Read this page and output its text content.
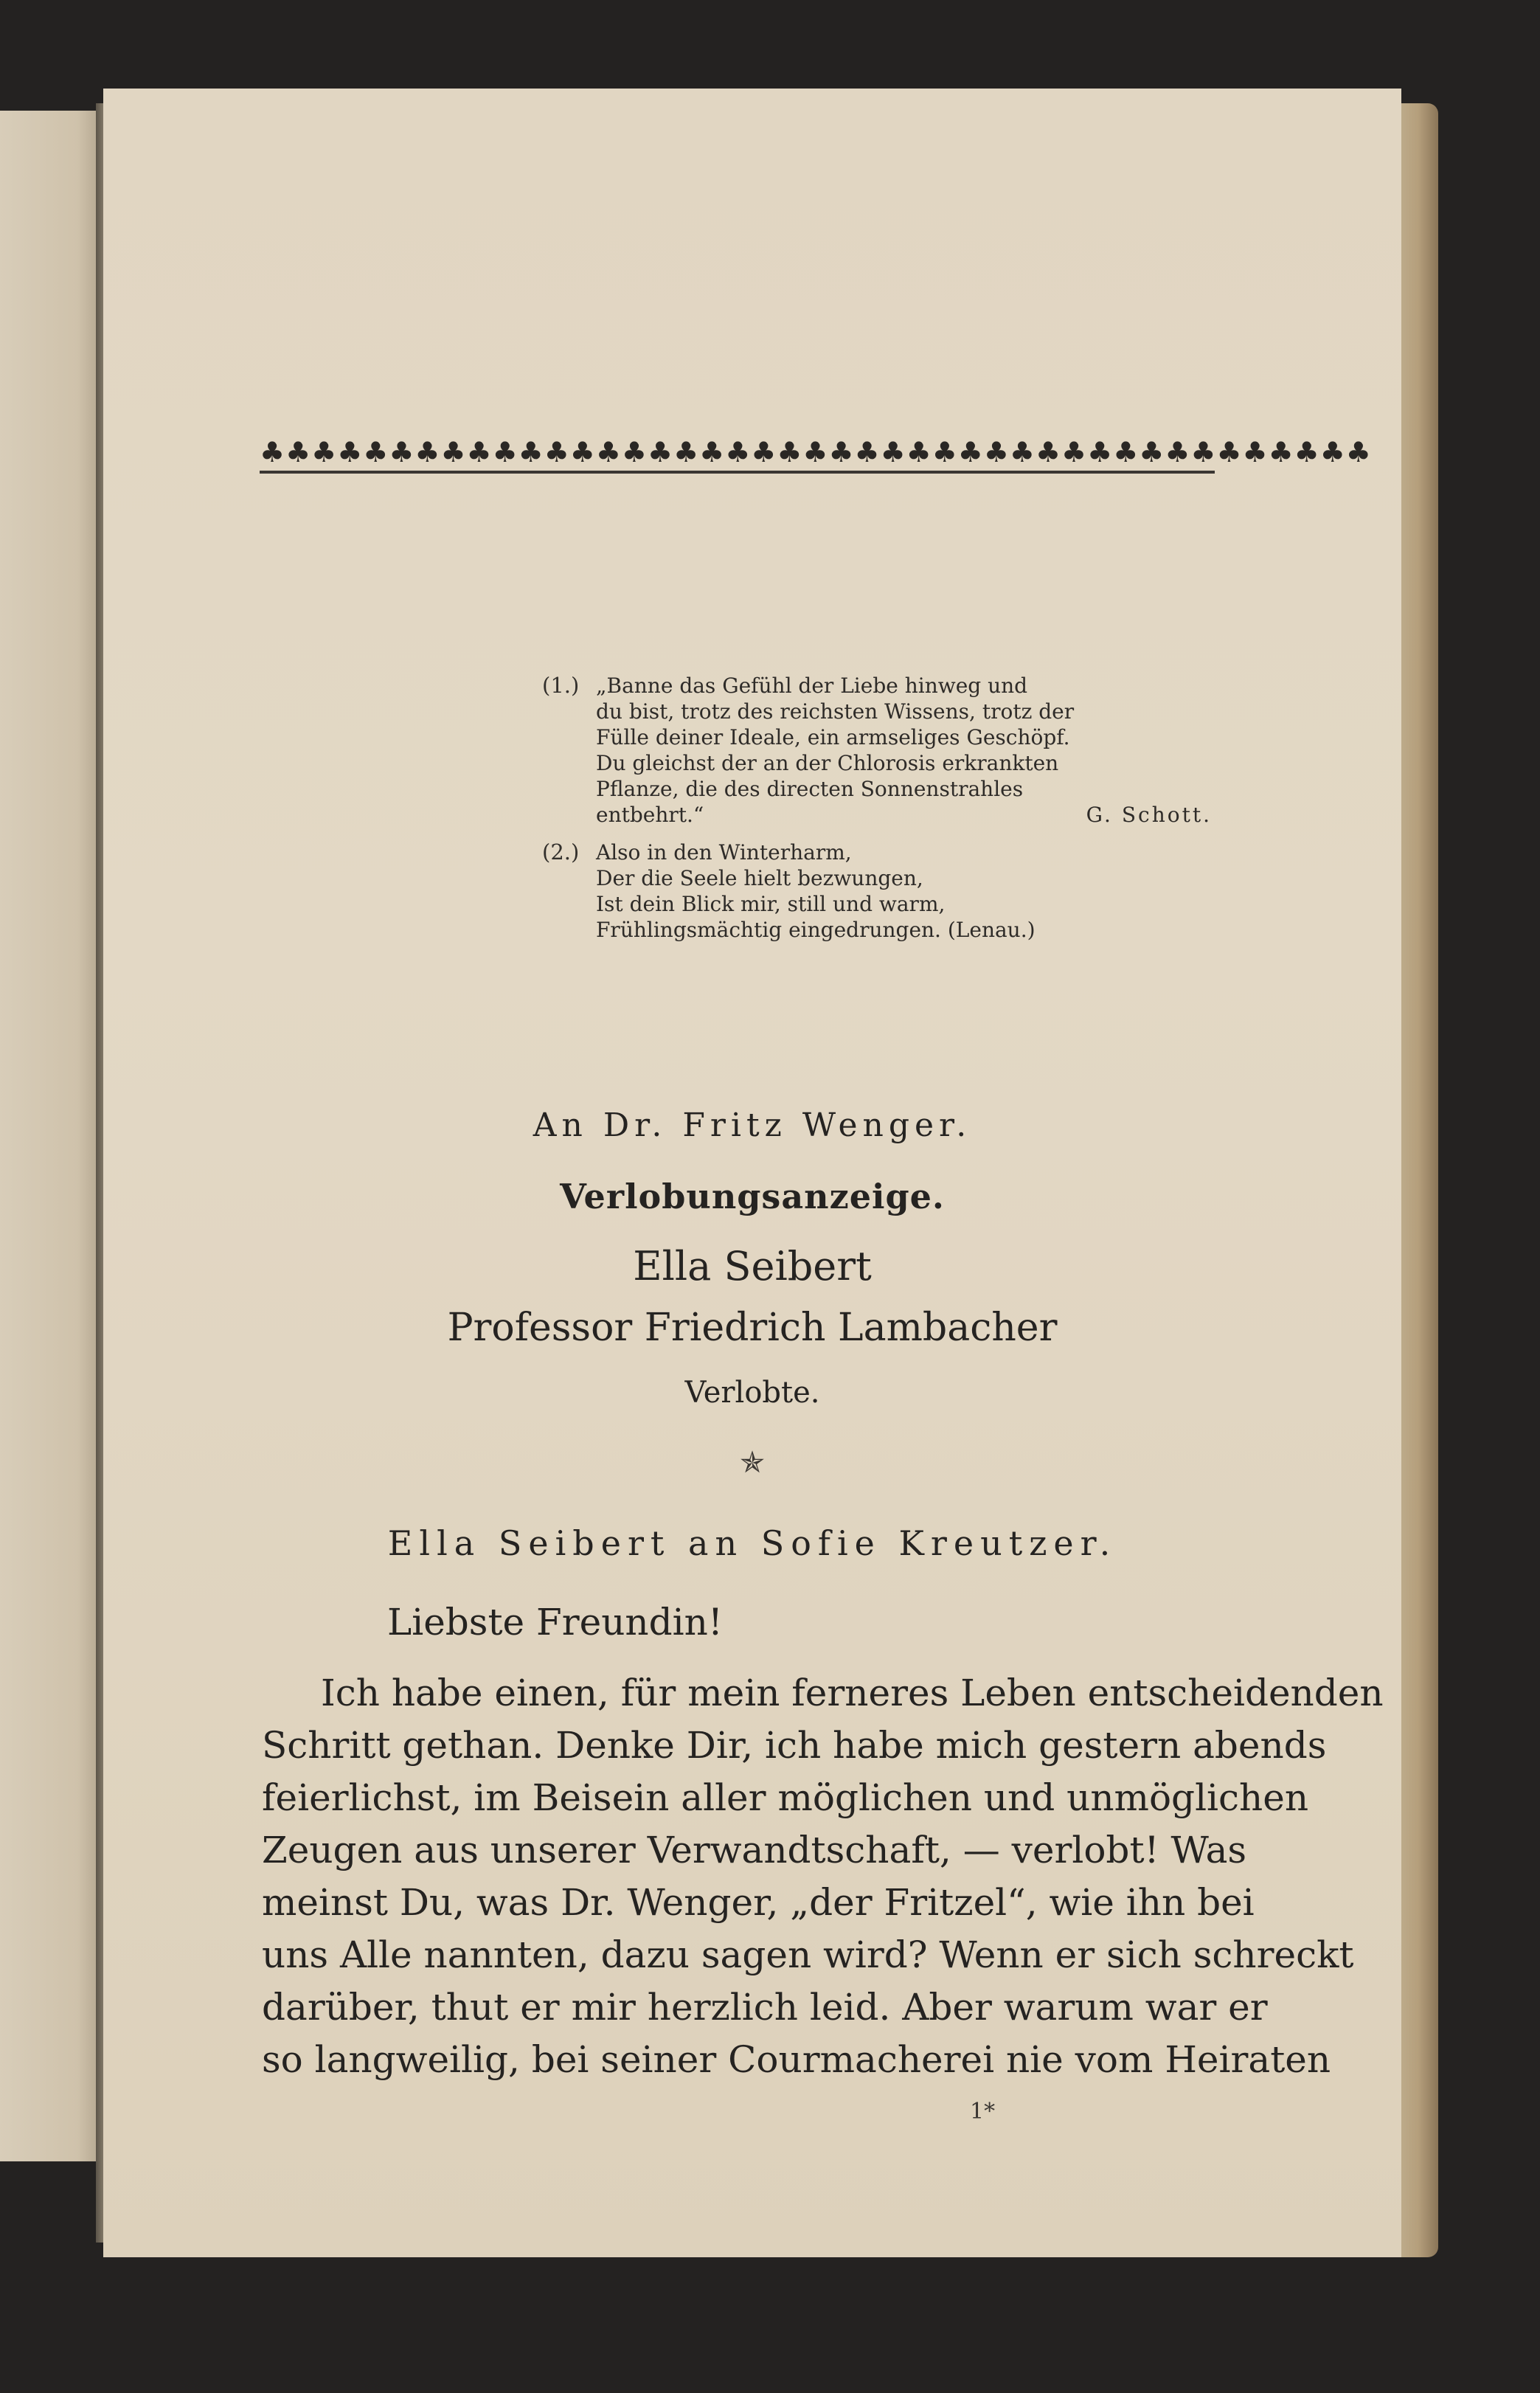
♣♣♣♣♣♣♣♣♣♣♣♣♣♣♣♣♣♣♣♣♣♣♣♣♣♣♣♣♣♣♣♣♣♣♣♣♣♣♣♣♣♣♣
(1.) „Banne das Gefühl der Liebe hinweg und
du bist, trotz des reichsten Wissens, trotz der
Fülle deiner Ideale, ein armseliges Geschöpf.
Du gleichst der an der Chlorosis erkrankten
Pflanze, die des directen Sonnenstrahles
entbehrt.“	G. Schott.
(2.) Also in den Winterharm,
Der die Seele hielt bezwungen,
Ist dein Blick mir, still und warm,
Frühlingsmächtig eingedrungen. (Lenau.)
An Dr. Fritz Wenger.
Verlobungsanzeige.
Ella Seibert
Professor Friedrich Lambacher
Verlobte.
✯
Ella Seibert an Sofie Kreutzer.
Liebste Freundin!
Ich habe einen, für mein ferneres Leben entscheidenden
Schritt gethan. Denke Dir, ich habe mich gestern abends
feierlichst, im Beisein aller möglichen und unmöglichen
Zeugen aus unserer Verwandtschaft, — verlobt! Was
meinst Du, was Dr. Wenger, „der Fritzel“, wie ihn bei
uns Alle nannten, dazu sagen wird? Wenn er sich schreckt
darüber, thut er mir herzlich leid. Aber warum war er
so langweilig, bei seiner Courmacherei nie vom Heiraten
1*
